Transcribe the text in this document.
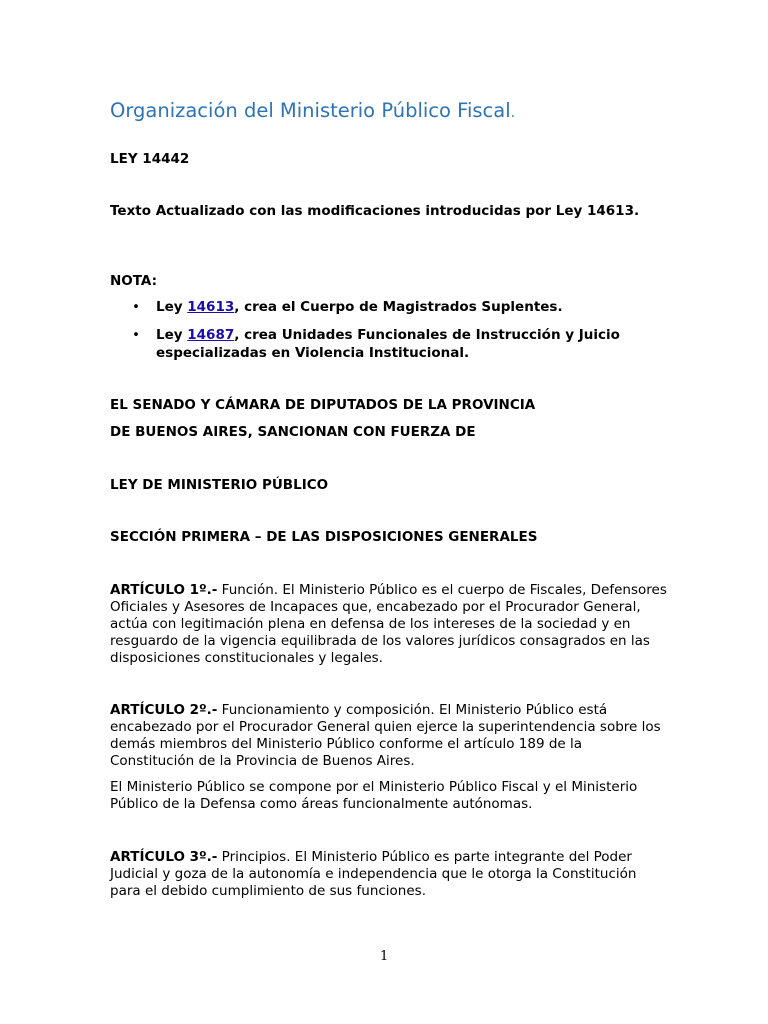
Organización del Ministerio Público Fiscal.
LEY 14442
Texto Actualizado con las modificaciones introducidas por Ley 14613.
NOTA:
• Ley 14613, crea el Cuerpo de Magistrados Suplentes.
• Ley 14687, crea Unidades Funcionales de Instrucción y Juicio especializadas en Violencia Institucional.
EL SENADO Y CÁMARA DE DIPUTADOS DE LA PROVINCIA
DE BUENOS AIRES, SANCIONAN CON FUERZA DE
LEY DE MINISTERIO PÚBLICO
SECCIÓN PRIMERA – DE LAS DISPOSICIONES GENERALES
ARTÍCULO 1º.- Función. El Ministerio Público es el cuerpo de Fiscales, Defensores Oficiales y Asesores de Incapaces que, encabezado por el Procurador General, actúa con legitimación plena en defensa de los intereses de la sociedad y en resguardo de la vigencia equilibrada de los valores jurídicos consagrados en las disposiciones constitucionales y legales.
ARTÍCULO 2º.- Funcionamiento y composición. El Ministerio Público está encabezado por el Procurador General quien ejerce la superintendencia sobre los demás miembros del Ministerio Público conforme el artículo 189 de la Constitución de la Provincia de Buenos Aires.
El Ministerio Público se compone por el Ministerio Público Fiscal y el Ministerio Público de la Defensa como áreas funcionalmente autónomas.
ARTÍCULO 3º.- Principios. El Ministerio Público es parte integrante del Poder Judicial y goza de la autonomía e independencia que le otorga la Constitución para el debido cumplimiento de sus funciones.
1
